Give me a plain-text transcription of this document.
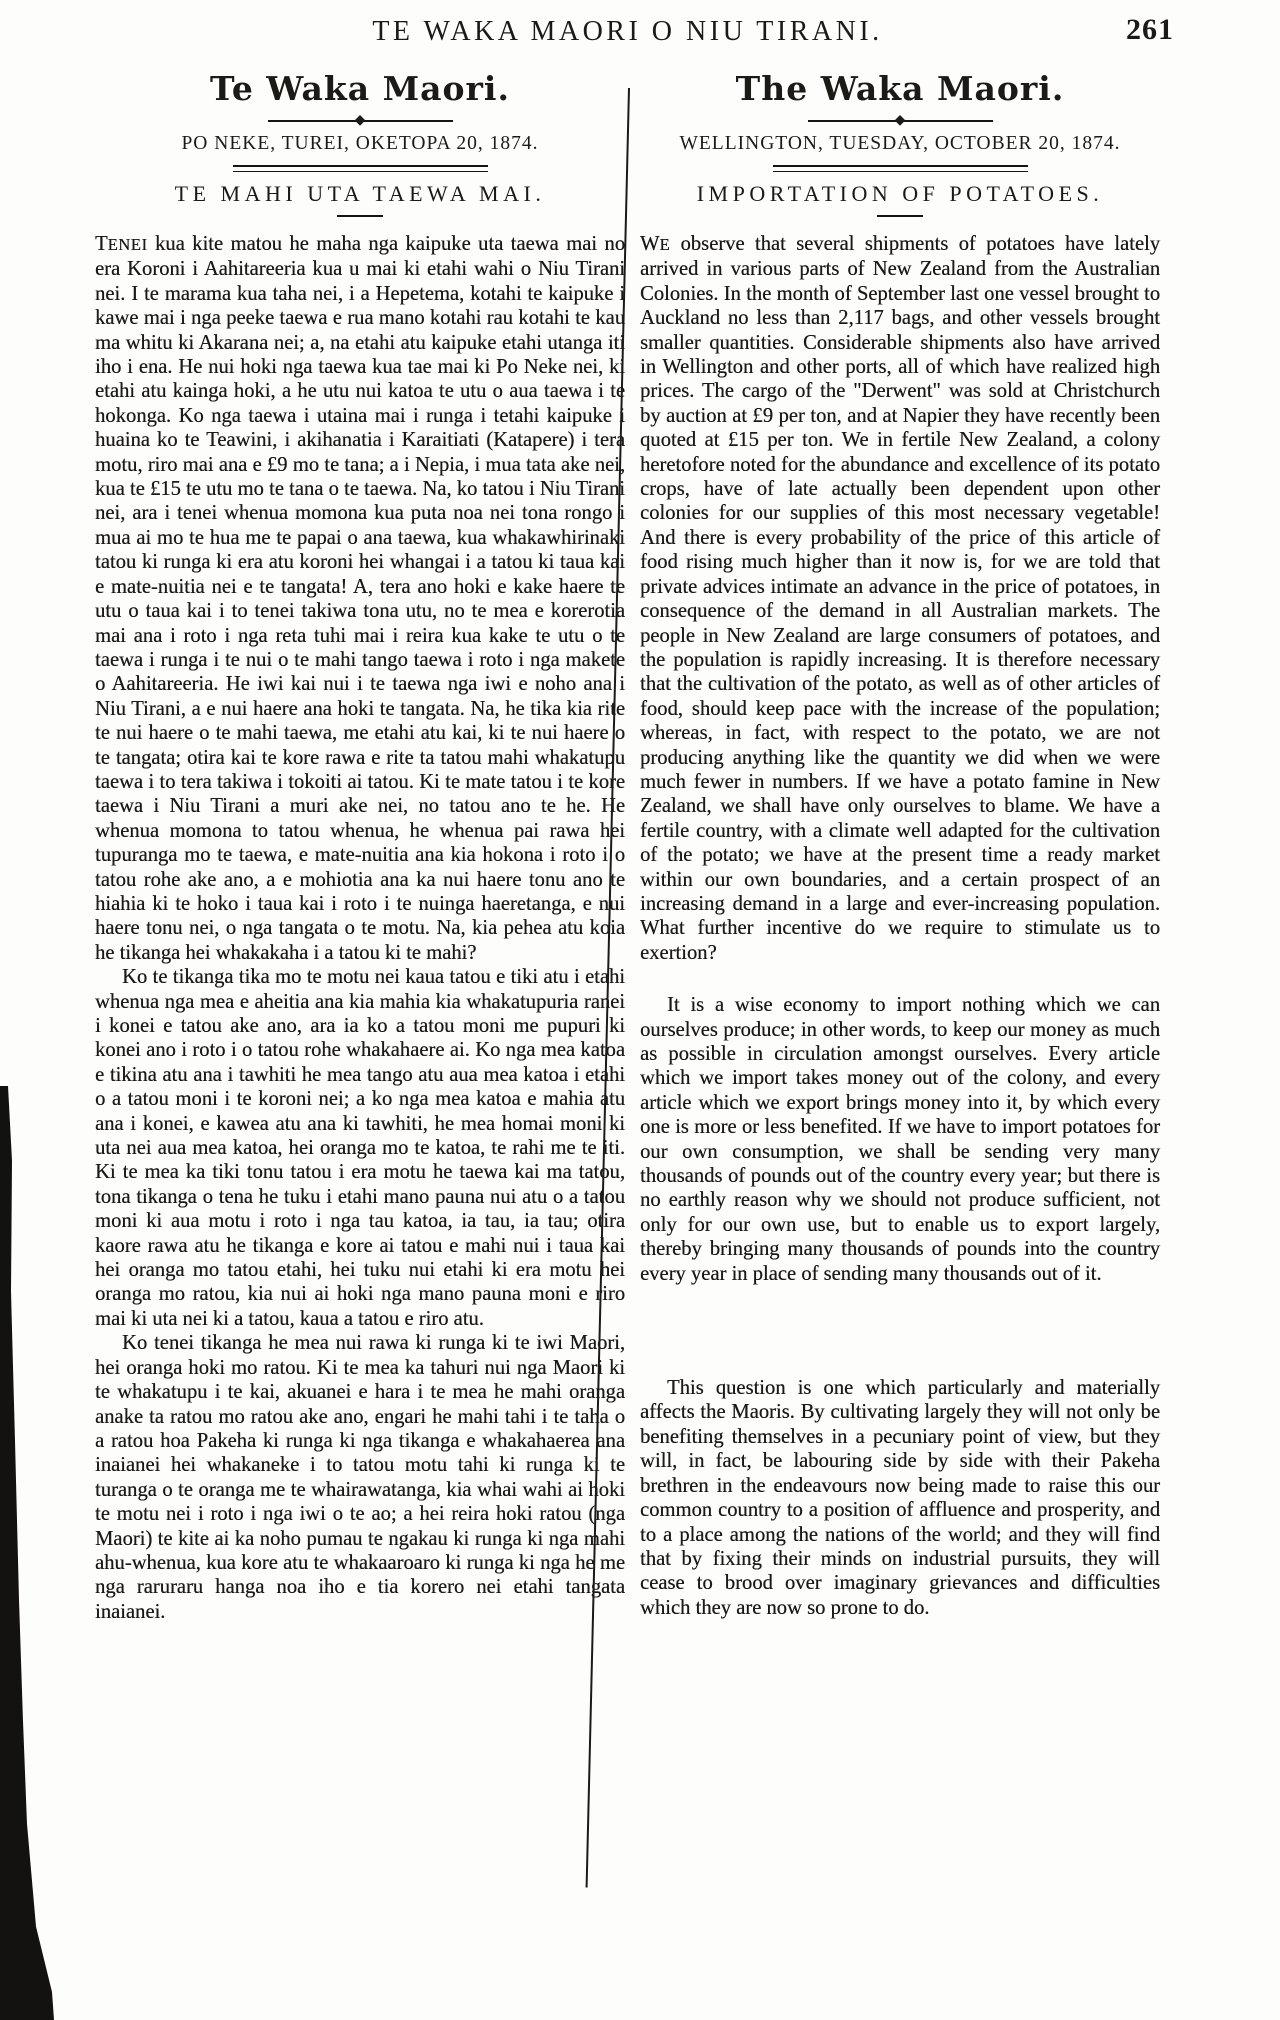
TE WAKA MAORI O NIU TIRANI.	261
Te Waka Maori.
◆
PO NEKE, TUREI, OKETOPA 20, 1874.
TE MAHI UTA TAEWA MAI.

TENEI kua kite matou he maha nga kaipuke uta taewa mai no era Koroni i Aahitareeria kua u mai ki etahi wahi o Niu Tirani nei. I te marama kua taha nei, i a Hepetema, kotahi te kaipuke i kawe mai i nga peeke taewa e rua mano kotahi rau kotahi te kau ma whitu ki Akarana nei; a, na etahi atu kaipuke etahi utanga iti iho i ena. He nui hoki nga taewa kua tae mai ki Po Neke nei, ki etahi atu kainga hoki, a he utu nui katoa te utu o aua taewa i te hokonga. Ko nga taewa i utaina mai i runga i tetahi kaipuke i huaina ko te Teawini, i akihanatia i Karaitiati (Katapere) i tera motu, riro mai ana e £9 mo te tana; a i Nepia, i mua tata ake nei, kua te £15 te utu mo te tana o te taewa. Na, ko tatou i Niu Tirani nei, ara i tenei whenua momona kua puta noa nei tona rongo i mua ai mo te hua me te papai o ana taewa, kua whakawhirinaki tatou ki runga ki era atu koroni hei whangai i a tatou ki taua kai e mate-nuitia nei e te tangata! A, tera ano hoki e kake haere te utu o taua kai i to tenei takiwa tona utu, no te mea e korerotia mai ana i roto i nga reta tuhi mai i reira kua kake te utu o te taewa i runga i te nui o te mahi tango taewa i roto i nga makete o Aahitareeria. He iwi kai nui i te taewa nga iwi e noho ana i Niu Tirani, a e nui haere ana hoki te tangata. Na, he tika kia rite te nui haere o te mahi taewa, me etahi atu kai, ki te nui haere o te tangata; otira kai te kore rawa e rite ta tatou mahi whakatupu taewa i to tera takiwa i tokoiti ai tatou. Ki te mate tatou i te kore taewa i Niu Tirani a muri ake nei, no tatou ano te he. He whenua momona to tatou whenua, he whenua pai rawa hei tupuranga mo te taewa, e mate-nuitia ana kia hokona i roto i o tatou rohe ake ano, a e mohiotia ana ka nui haere tonu ano te hiahia ki te hoko i taua kai i roto i te nuinga haeretanga, e nui haere tonu nei, o nga tangata o te motu. Na, kia pehea atu koia he tikanga hei whakakaha i a tatou ki te mahi?

Ko te tikanga tika mo te motu nei kaua tatou e tiki atu i etahi whenua nga mea e aheitia ana kia mahia kia whakatupuria ranei i konei e tatou ake ano, ara ia ko a tatou moni me pupuri ki konei ano i roto i o tatou rohe whakahaere ai. Ko nga mea katoa e tikina atu ana i tawhiti he mea tango atu aua mea katoa i etahi o a tatou moni i te koroni nei; a ko nga mea katoa e mahia atu ana i konei, e kawea atu ana ki tawhiti, he mea homai moni ki uta nei aua mea katoa, hei oranga mo te katoa, te rahi me te iti. Ki te mea ka tiki tonu tatou i era motu he taewa kai ma tatou, tona tikanga o tena he tuku i etahi mano pauna nui atu o a tatou moni ki aua motu i roto i nga tau katoa, ia tau, ia tau; otira kaore rawa atu he tikanga e kore ai tatou e mahi nui i taua kai hei oranga mo tatou etahi, hei tuku nui etahi ki era motu hei oranga mo ratou, kia nui ai hoki nga mano pauna moni e riro mai ki uta nei ki a tatou, kaua a tatou e riro atu.

Ko tenei tikanga he mea nui rawa ki runga ki te iwi Maori, hei oranga hoki mo ratou. Ki te mea ka tahuri nui nga Maori ki te whakatupu i te kai, akuanei e hara i te mea he mahi oranga anake ta ratou mo ratou ake ano, engari he mahi tahi i te taha o a ratou hoa Pakeha ki runga ki nga tikanga e whakahaerea ana inaianei hei whakaneke i to tatou motu tahi ki runga ki te turanga o te oranga me te whairawatanga, kia whai wahi ai hoki te motu nei i roto i nga iwi o te ao; a hei reira hoki ratou (nga Maori) te kite ai ka noho pumau te ngakau ki runga ki nga mahi ahu-whenua, kua kore atu te whakaaroaro ki runga ki nga he me nga raruraru hanga noa iho e tia korero nei etahi tangata inaianei.

The Waka Maori.
◆
WELLINGTON, TUESDAY, OCTOBER 20, 1874.
IMPORTATION OF POTATOES.

WE observe that several shipments of potatoes have lately arrived in various parts of New Zealand from the Australian Colonies. In the month of September last one vessel brought to Auckland no less than 2,117 bags, and other vessels brought smaller quantities. Considerable shipments also have arrived in Wellington and other ports, all of which have realized high prices. The cargo of the "Derwent" was sold at Christchurch by auction at £9 per ton, and at Napier they have recently been quoted at £15 per ton. We in fertile New Zealand, a colony heretofore noted for the abundance and excellence of its potato crops, have of late actually been dependent upon other colonies for our supplies of this most necessary vegetable! And there is every probability of the price of this article of food rising much higher than it now is, for we are told that private advices intimate an advance in the price of potatoes, in consequence of the demand in all Australian markets. The people in New Zealand are large consumers of potatoes, and the population is rapidly increasing. It is therefore necessary that the cultivation of the potato, as well as of other articles of food, should keep pace with the increase of the population; whereas, in fact, with respect to the potato, we are not producing anything like the quantity we did when we were much fewer in numbers. If we have a potato famine in New Zealand, we shall have only ourselves to blame. We have a fertile country, with a climate well adapted for the cultivation of the potato; we have at the present time a ready market within our own boundaries, and a certain prospect of an increasing demand in a large and ever-increasing population. What further incentive do we require to stimulate us to exertion?

It is a wise economy to import nothing which we can ourselves produce; in other words, to keep our money as much as possible in circulation amongst ourselves. Every article which we import takes money out of the colony, and every article which we export brings money into it, by which every one is more or less benefited. If we have to import potatoes for our own consumption, we shall be sending very many thousands of pounds out of the country every year; but there is no earthly reason why we should not produce sufficient, not only for our own use, but to enable us to export largely, thereby bringing many thousands of pounds into the country every year in place of sending many thousands out of it.

This question is one which particularly and materially affects the Maoris. By cultivating largely they will not only be benefiting themselves in a pecuniary point of view, but they will, in fact, be labouring side by side with their Pakeha brethren in the endeavours now being made to raise this our common country to a position of affluence and prosperity, and to a place among the nations of the world; and they will find that by fixing their minds on industrial pursuits, they will cease to brood over imaginary grievances and difficulties which they are now so prone to do.
